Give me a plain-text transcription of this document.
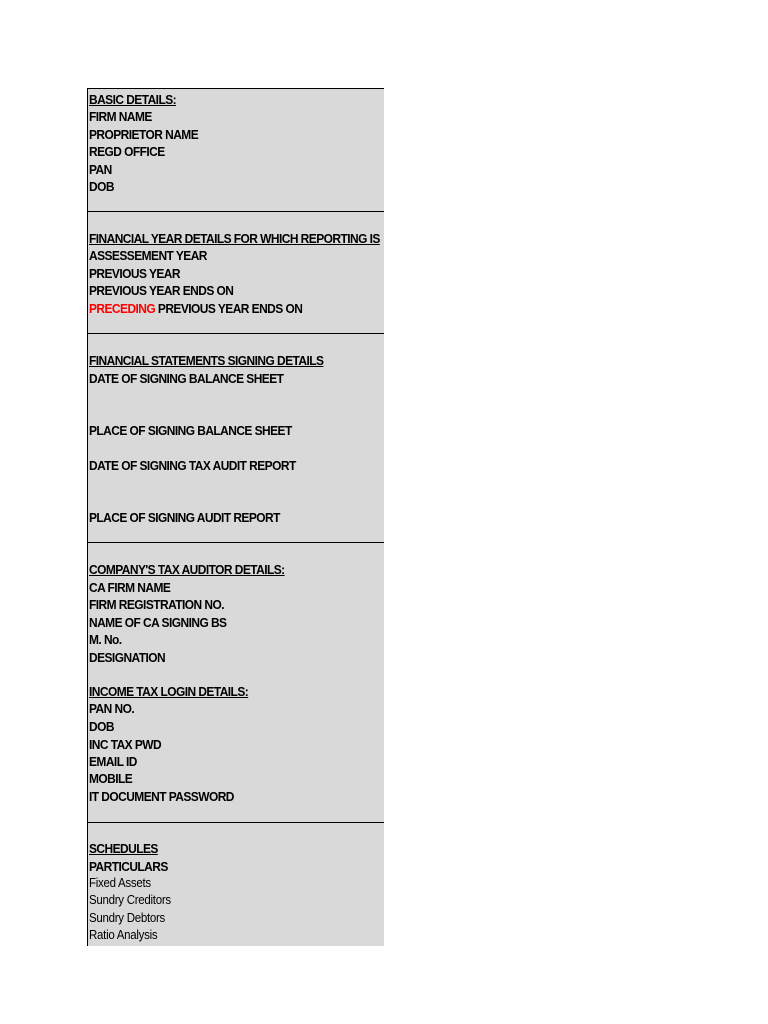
BASIC DETAILS:
FIRM NAME
PROPRIETOR NAME
REGD OFFICE
PAN
DOB
FINANCIAL YEAR DETAILS FOR WHICH REPORTING IS
ASSESSEMENT YEAR
PREVIOUS YEAR
PREVIOUS YEAR ENDS ON
PRECEDING PREVIOUS YEAR ENDS ON
FINANCIAL STATEMENTS SIGNING DETAILS
DATE OF SIGNING BALANCE SHEET
PLACE OF SIGNING BALANCE SHEET
DATE OF SIGNING TAX AUDIT REPORT
PLACE OF SIGNING AUDIT REPORT
COMPANY'S TAX AUDITOR DETAILS:
CA FIRM NAME
FIRM REGISTRATION NO.
NAME OF CA SIGNING BS
M. No.
DESIGNATION
INCOME TAX LOGIN DETAILS:
PAN NO.
DOB
INC TAX PWD
EMAIL ID
MOBILE
IT DOCUMENT PASSWORD
SCHEDULES
PARTICULARS
Fixed Assets
Sundry Creditors
Sundry Debtors
Ratio Analysis
